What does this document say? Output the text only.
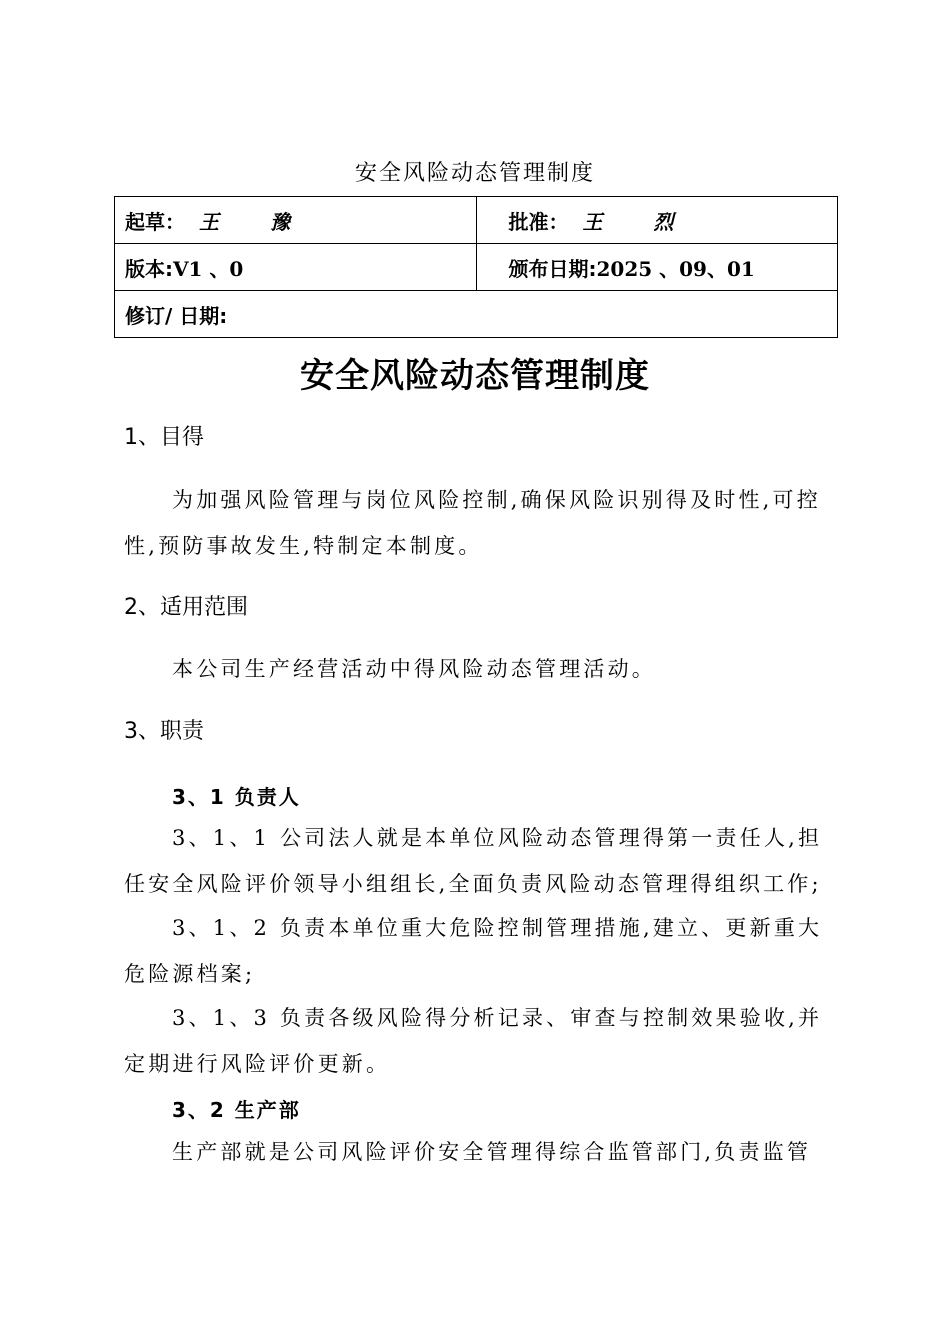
安全风险动态管理制度
起草： 王 豫	批准： 王 烈
版本:V1 、0	颁布日期:2025 、09、01
修订/ 日期:	
安全风险动态管理制度
1、目得
为加强风险管理与岗位风险控制,确保风险识别得及时性,可控性,预防事故发生,特制定本制度。
2、适用范围
本公司生产经营活动中得风险动态管理活动。
3、职责
3、1 负责人
3、1、1 公司法人就是本单位风险动态管理得第一责任人,担任安全风险评价领导小组组长,全面负责风险动态管理得组织工作;
3、1、2 负责本单位重大危险控制管理措施,建立、更新重大危险源档案;
3、1、3 负责各级风险得分析记录、审查与控制效果验收,并定期进行风险评价更新。
3、2 生产部
生产部就是公司风险评价安全管理得综合监管部门,负责监管
